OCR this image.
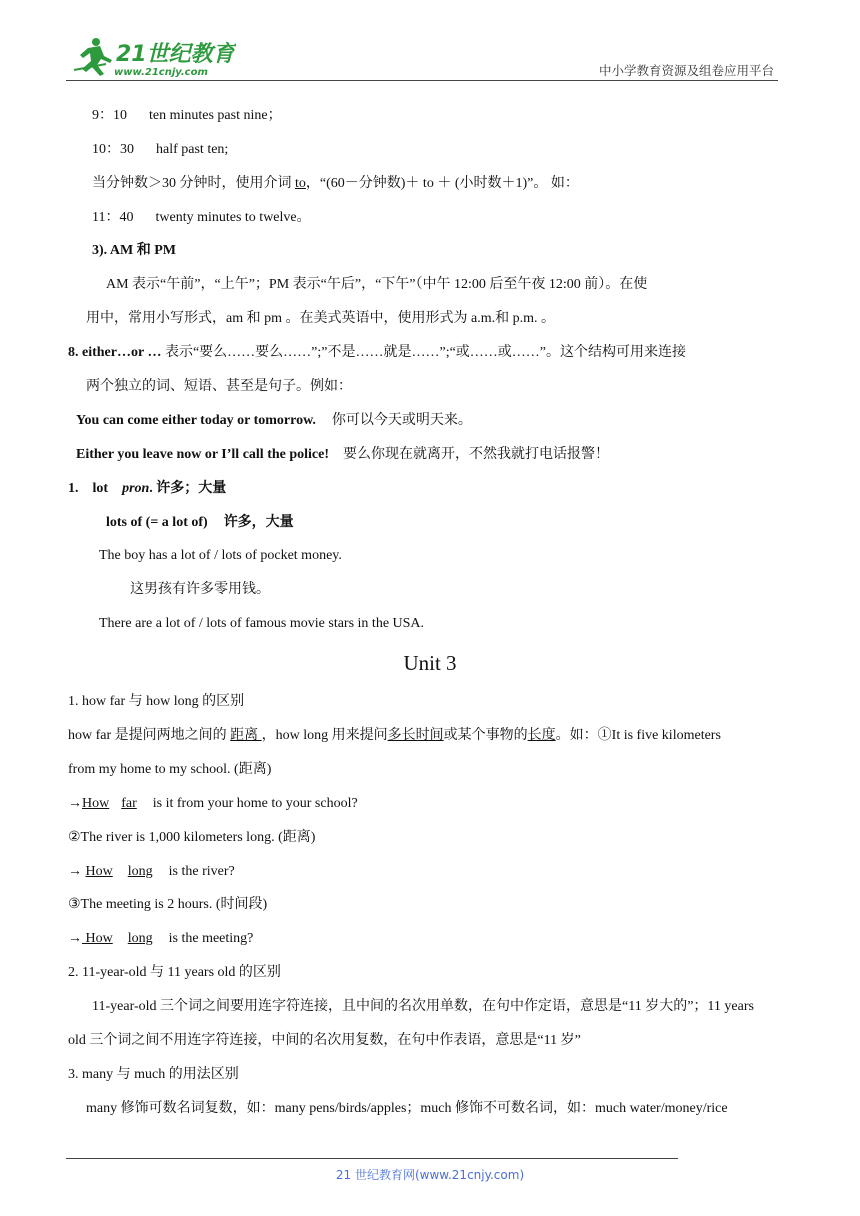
21世纪教育
www.21cnjy.com	中小学教育资源及组卷应用平台
9：10 ten minutes past nine；
10：30 half past ten;
当分钟数＞30 分钟时，使用介词 to，“(60－分钟数)＋ to ＋ (小时数＋1)”。 如：
11：40 twenty minutes to twelve。
3). AM 和 PM
AM 表示“午前”，“上午”；PM 表示“午后”，“下午”（中午 12:00 后至午夜 12:00 前）。在使
用中，常用小写形式，am 和 pm 。在美式英语中，使用形式为 a.m.和 p.m. 。
8. either…or … 表示“要么……要么……”;”不是……就是……”;“或……或……”。这个结构可用来连接
两个独立的词、短语、甚至是句子。例如：
You can come either today or tomorrow. 你可以今天或明天来。
Either you leave now or I’ll call the police! 要么你现在就离开，不然我就打电话报警！
1. lot pron. 许多；大量
lots of (= a lot of) 许多，大量
The boy has a lot of / lots of pocket money.
这男孩有许多零用钱。
There are a lot of / lots of famous movie stars in the USA.
Unit 3
1. how far 与 how long 的区别
how far 是提问两地之间的 距离 ，how long 用来提问多长时间或某个事物的长度。如：①It is five kilometers
from my home to my school. (距离)
→How far is it from your home to your school?
②The river is 1,000 kilometers long. (距离)
→ How long is the river?
③The meeting is 2 hours. (时间段)
→ How long is the meeting?
2. 11-year-old 与 11 years old 的区别
11-year-old 三个词之间要用连字符连接，且中间的名次用单数，在句中作定语，意思是“11 岁大的”；11 years
old 三个词之间不用连字符连接，中间的名次用复数，在句中作表语，意思是“11 岁”
3. many 与 much 的用法区别
many 修饰可数名词复数，如：many pens/birds/apples；much 修饰不可数名词，如：much water/money/rice
21 世纪教育网(www.21cnjy.com)
